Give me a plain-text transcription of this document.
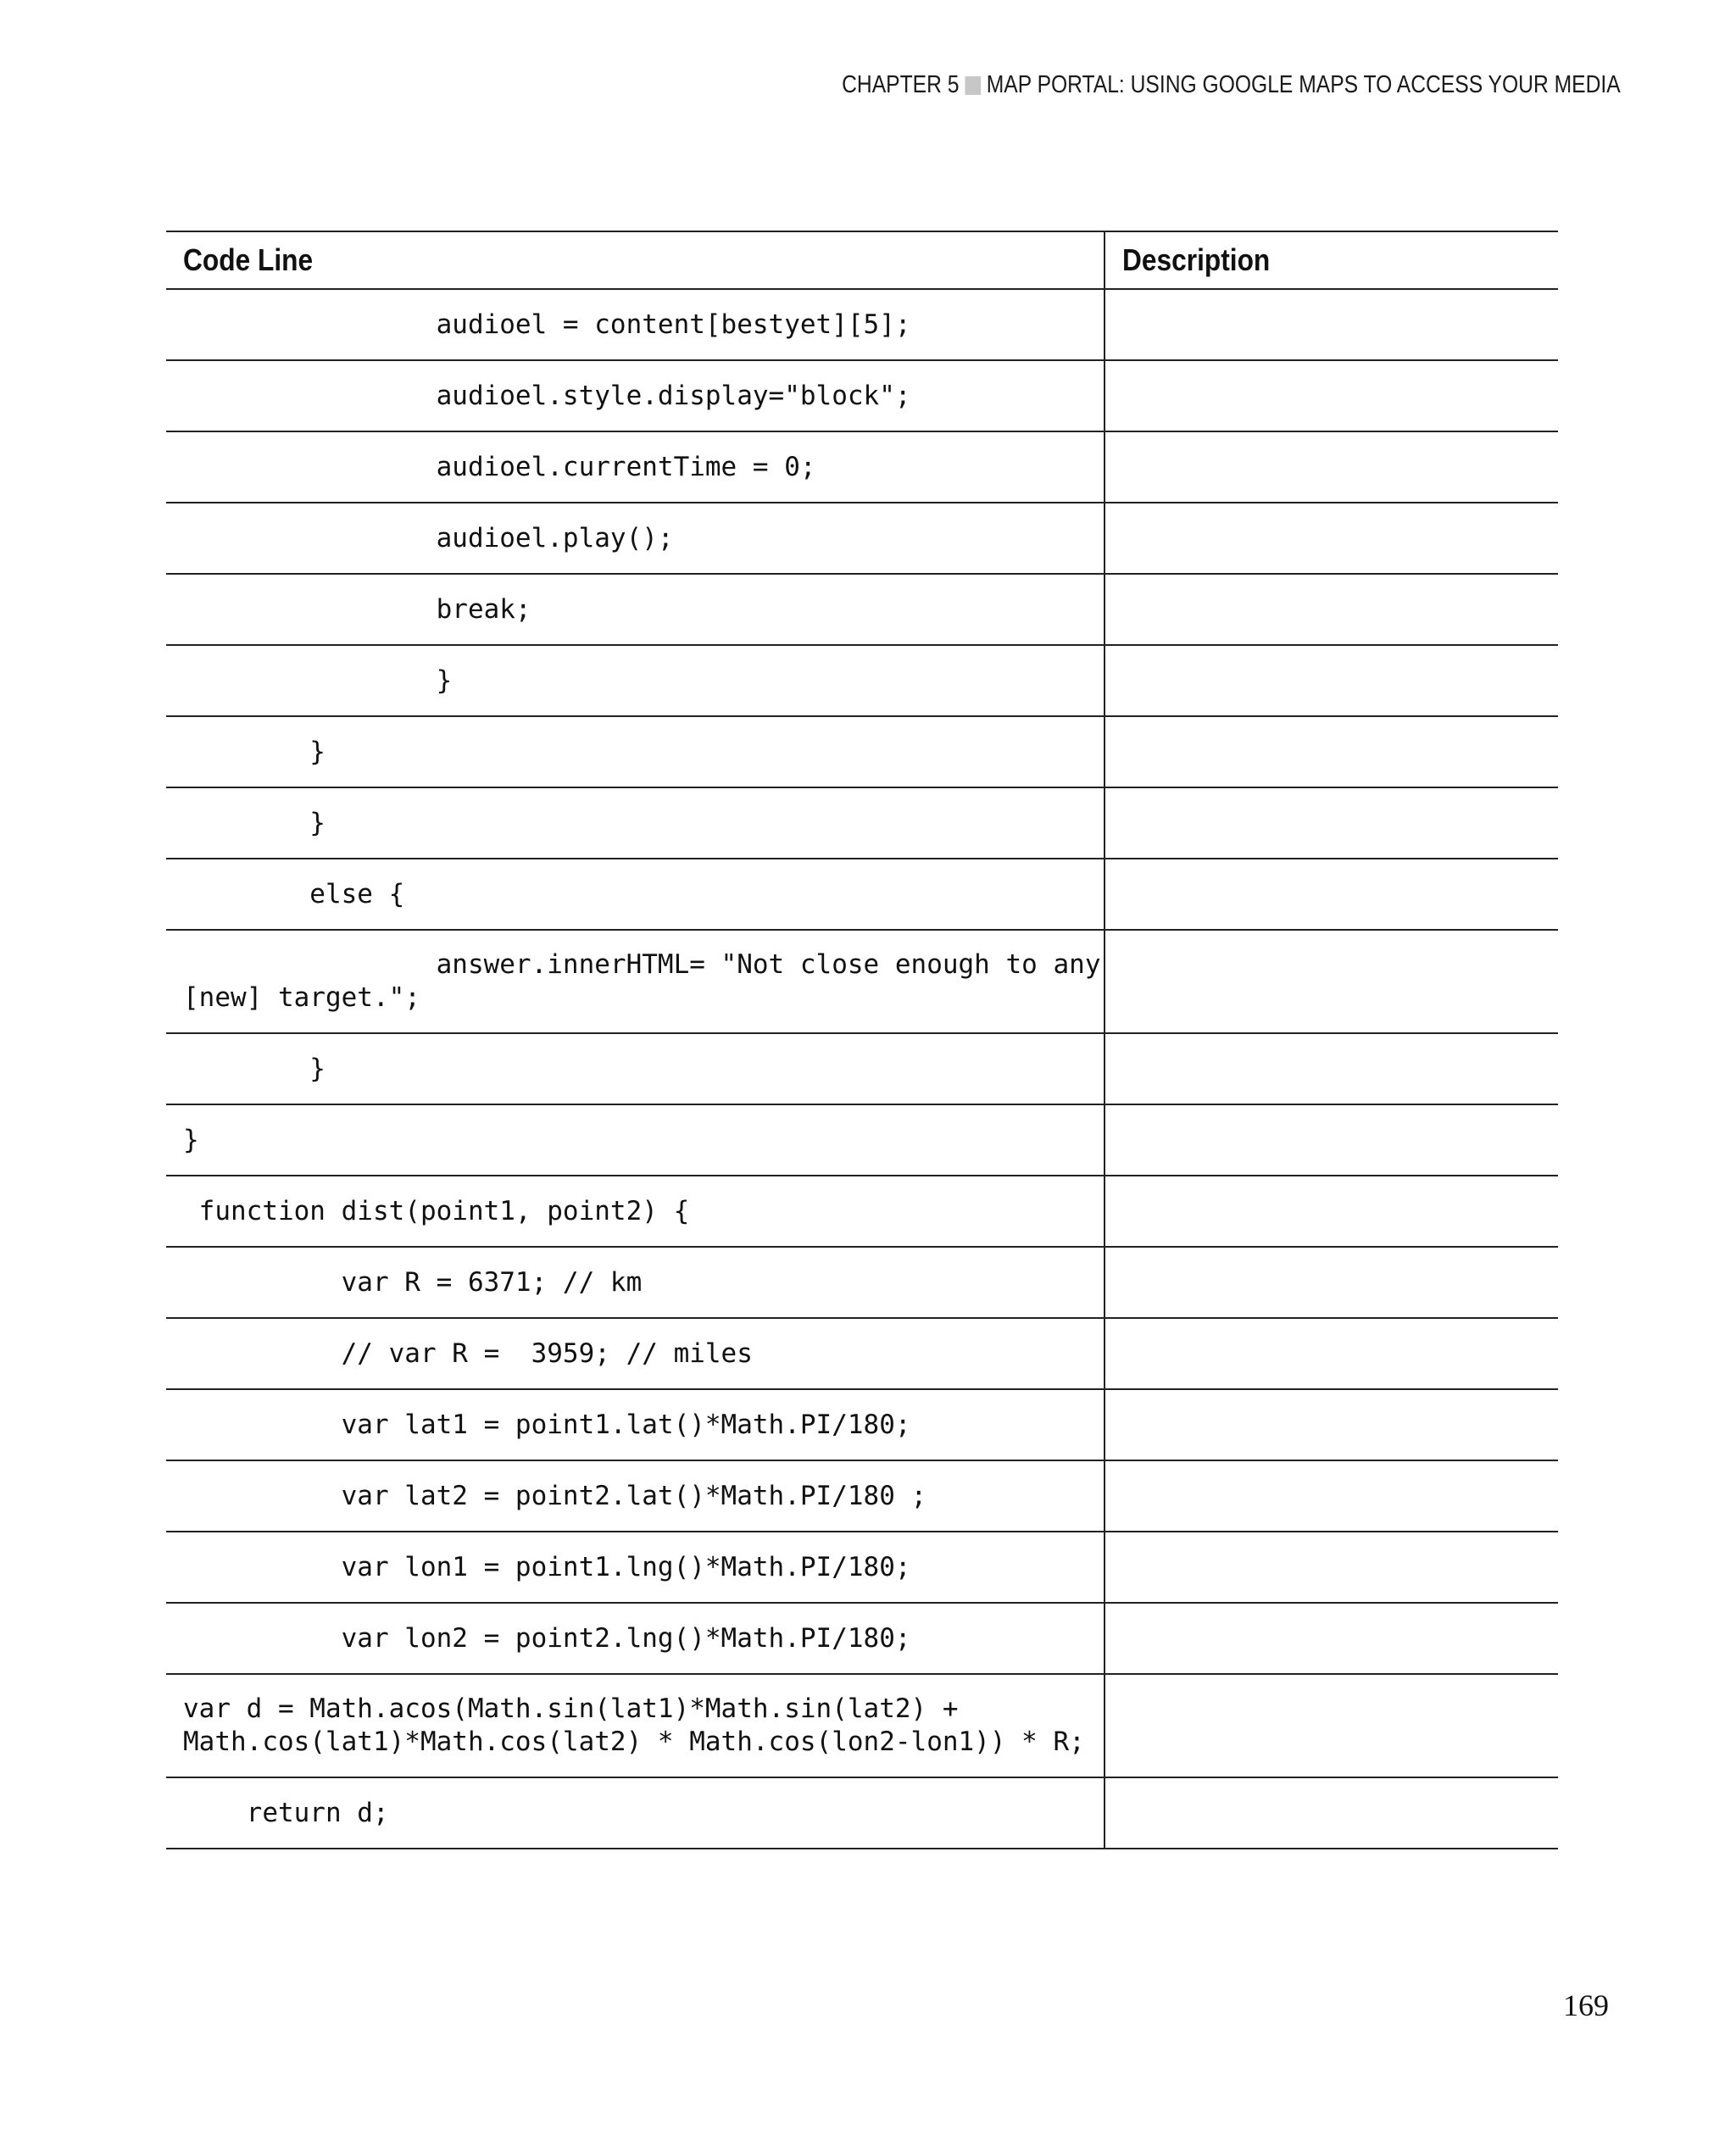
CHAPTER 5 MAP PORTAL: USING GOOGLE MAPS TO ACCESS YOUR MEDIA
Code Line	Description
audioel = content[bestyet][5];	
audioel.style.display="block";	
audioel.currentTime = 0;	
audioel.play();	
break;	
}	
}	
}	
else {	
answer.innerHTML= "Not close enough to any
[new] target.";	
}	
}	
function dist(point1, point2) {	
var R = 6371; // km	
// var R =  3959; // miles	
var lat1 = point1.lat()*Math.PI/180;	
var lat2 = point2.lat()*Math.PI/180 ;	
var lon1 = point1.lng()*Math.PI/180;	
var lon2 = point2.lng()*Math.PI/180;	
var d = Math.acos(Math.sin(lat1)*Math.sin(lat2) +
Math.cos(lat1)*Math.cos(lat2) * Math.cos(lon2-lon1)) * R;	
return d;	
169
